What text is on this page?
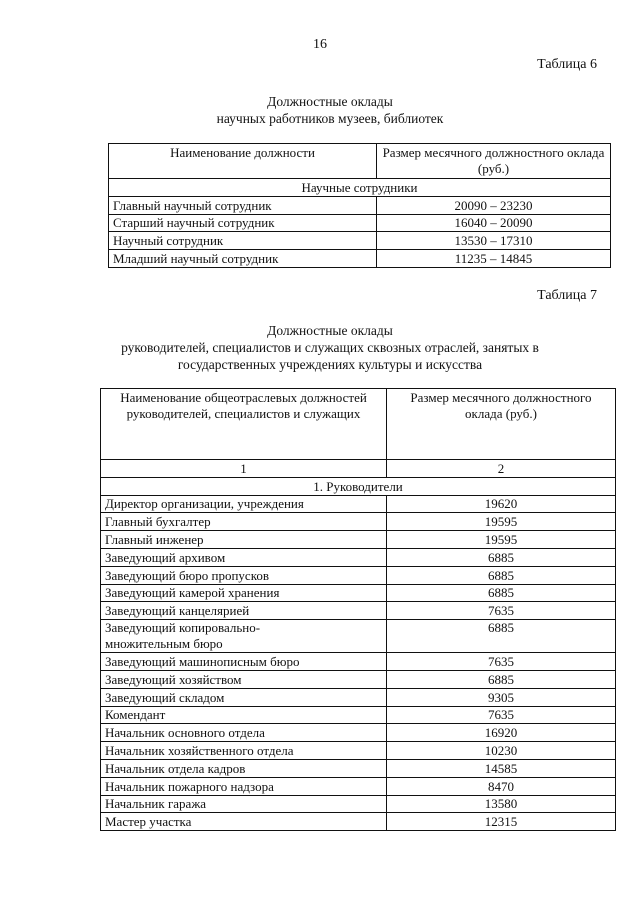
16
Таблица 6
Должностные оклады
научных работников музеев, библиотек
Наименование должности	Размер месячного должностного оклада (руб.)
Научные сотрудники	
Главный научный сотрудник	20090 – 23230
Старший научный сотрудник	16040 – 20090
Научный сотрудник	13530 – 17310
Младший научный сотрудник	11235 – 14845
Таблица 7
Должностные оклады
руководителей, специалистов и служащих сквозных отраслей, занятых в
государственных учреждениях культуры и искусства
Наименование общеотраслевых должностей руководителей, специалистов и служащих	Размер месячного должностного оклада (руб.)
1	2
1. Руководители	
Директор организации, учреждения	19620
Главный бухгалтер	19595
Главный инженер	19595
Заведующий архивом	6885
Заведующий бюро пропусков	6885
Заведующий камерой хранения	6885
Заведующий канцелярией	7635
Заведующий копировально-множительным бюро	6885
Заведующий машинописным бюро	7635
Заведующий хозяйством	6885
Заведующий складом	9305
Комендант	7635
Начальник основного отдела	16920
Начальник хозяйственного отдела	10230
Начальник отдела кадров	14585
Начальник пожарного надзора	8470
Начальник гаража	13580
Мастер участка	12315
